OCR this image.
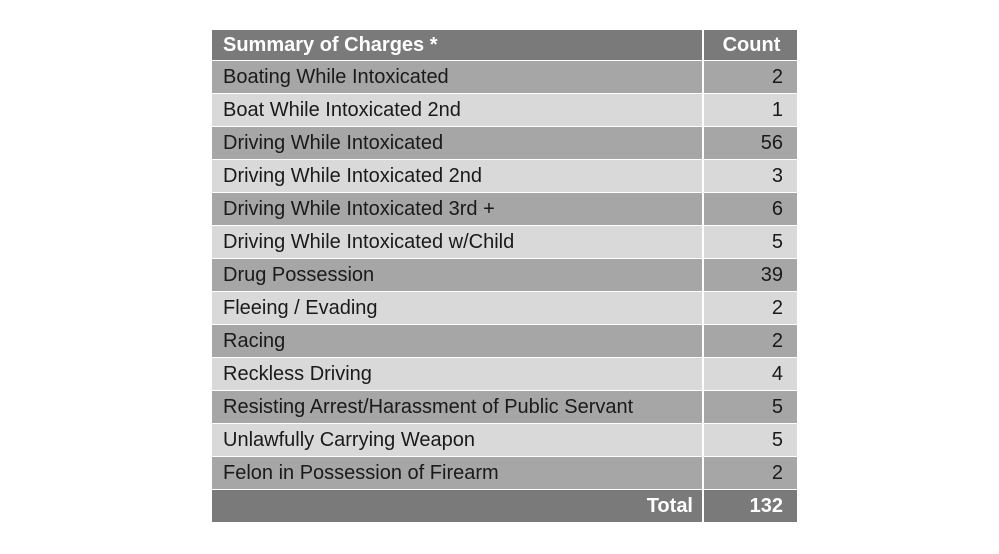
Summary of Charges *	Count
Boating While Intoxicated	2
Boat While Intoxicated 2nd	1
Driving While Intoxicated	56
Driving While Intoxicated 2nd	3
Driving While Intoxicated 3rd +	6
Driving While Intoxicated w/Child	5
Drug Possession	39
Fleeing / Evading	2
Racing	2
Reckless Driving	4
Resisting Arrest/Harassment of Public Servant	5
Unlawfully Carrying Weapon	5
Felon in Possession of Firearm	2
Total	132
